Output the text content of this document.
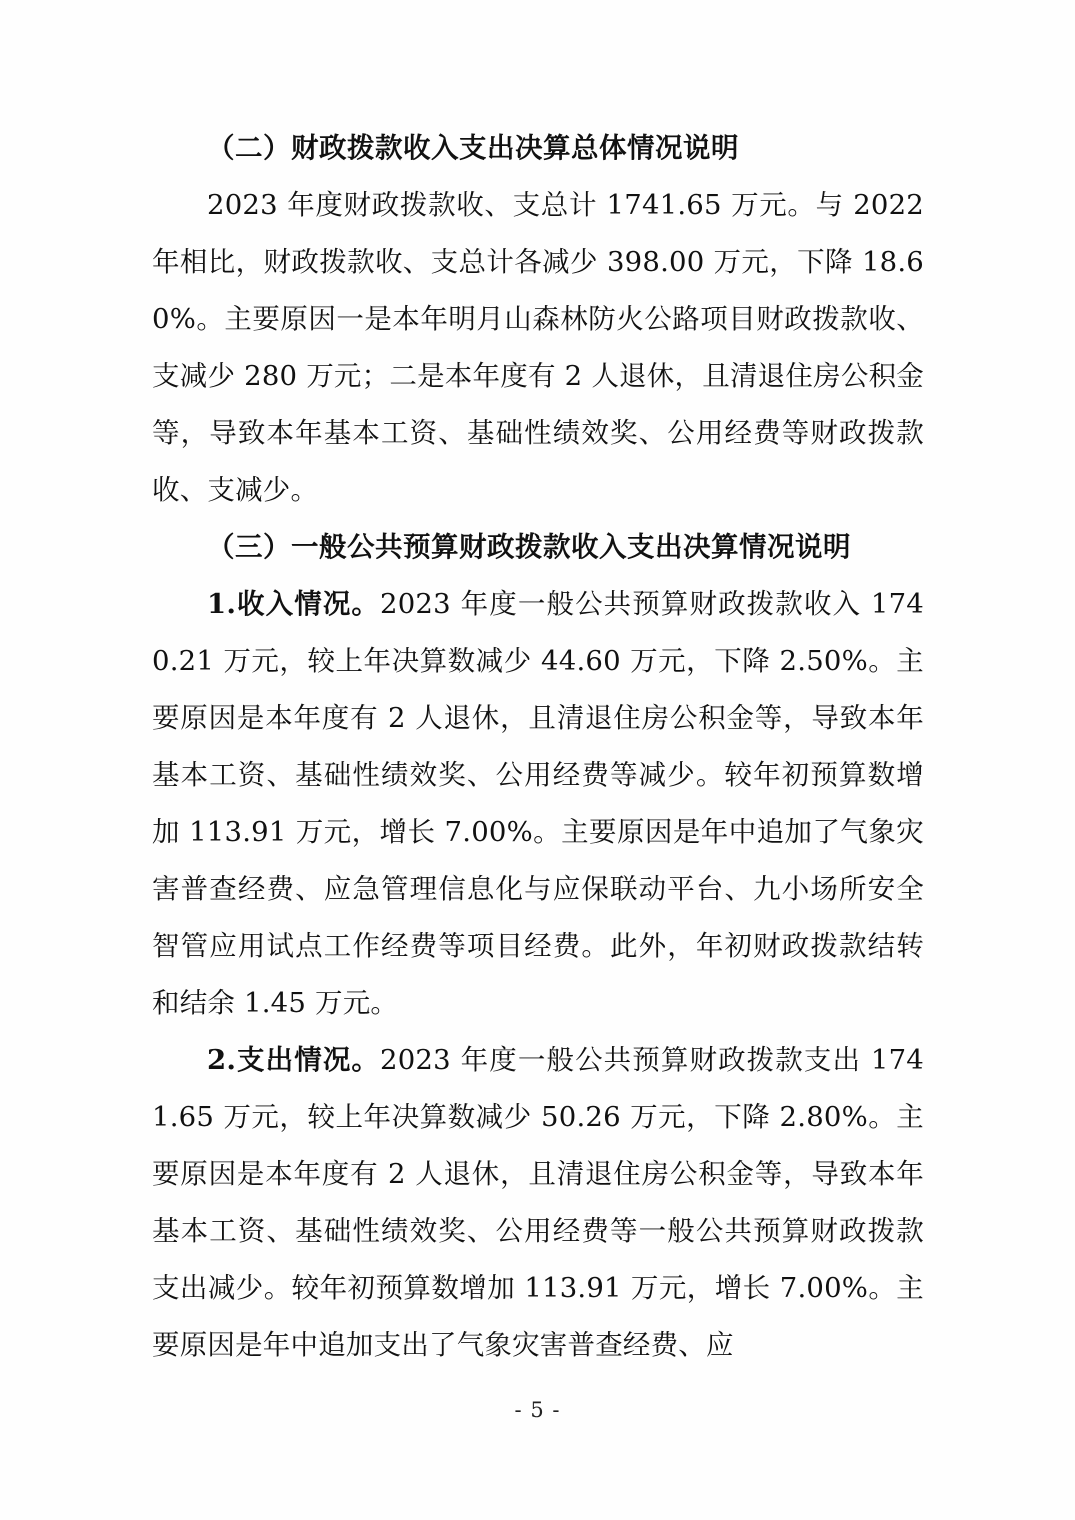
（二）财政拨款收入支出决算总体情况说明

2023 年度财政拨款收、支总计 1741.65 万元。与 2022 年相比，财政拨款收、支总计各减少 398.00 万元，下降 18.60%。主要原因一是本年明月山森林防火公路项目财政拨款收、支减少 280 万元；二是本年度有 2 人退休，且清退住房公积金等，导致本年基本工资、基础性绩效奖、公用经费等财政拨款收、支减少。

（三）一般公共预算财政拨款收入支出决算情况说明

1.收入情况。2023 年度一般公共预算财政拨款收入 1740.21 万元，较上年决算数减少 44.60 万元，下降 2.50%。主要原因是本年度有 2 人退休，且清退住房公积金等，导致本年基本工资、基础性绩效奖、公用经费等减少。较年初预算数增加 113.91 万元，增长 7.00%。主要原因是年中追加了气象灾害普查经费、应急管理信息化与应保联动平台、九小场所安全智管应用试点工作经费等项目经费。此外，年初财政拨款结转和结余 1.45 万元。

2.支出情况。2023 年度一般公共预算财政拨款支出 1741.65 万元，较上年决算数减少 50.26 万元，下降 2.80%。主要原因是本年度有 2 人退休，且清退住房公积金等，导致本年基本工资、基础性绩效奖、公用经费等一般公共预算财政拨款支出减少。较年初预算数增加 113.91 万元，增长 7.00%。主要原因是年中追加支出了气象灾害普查经费、应

- 5 -
